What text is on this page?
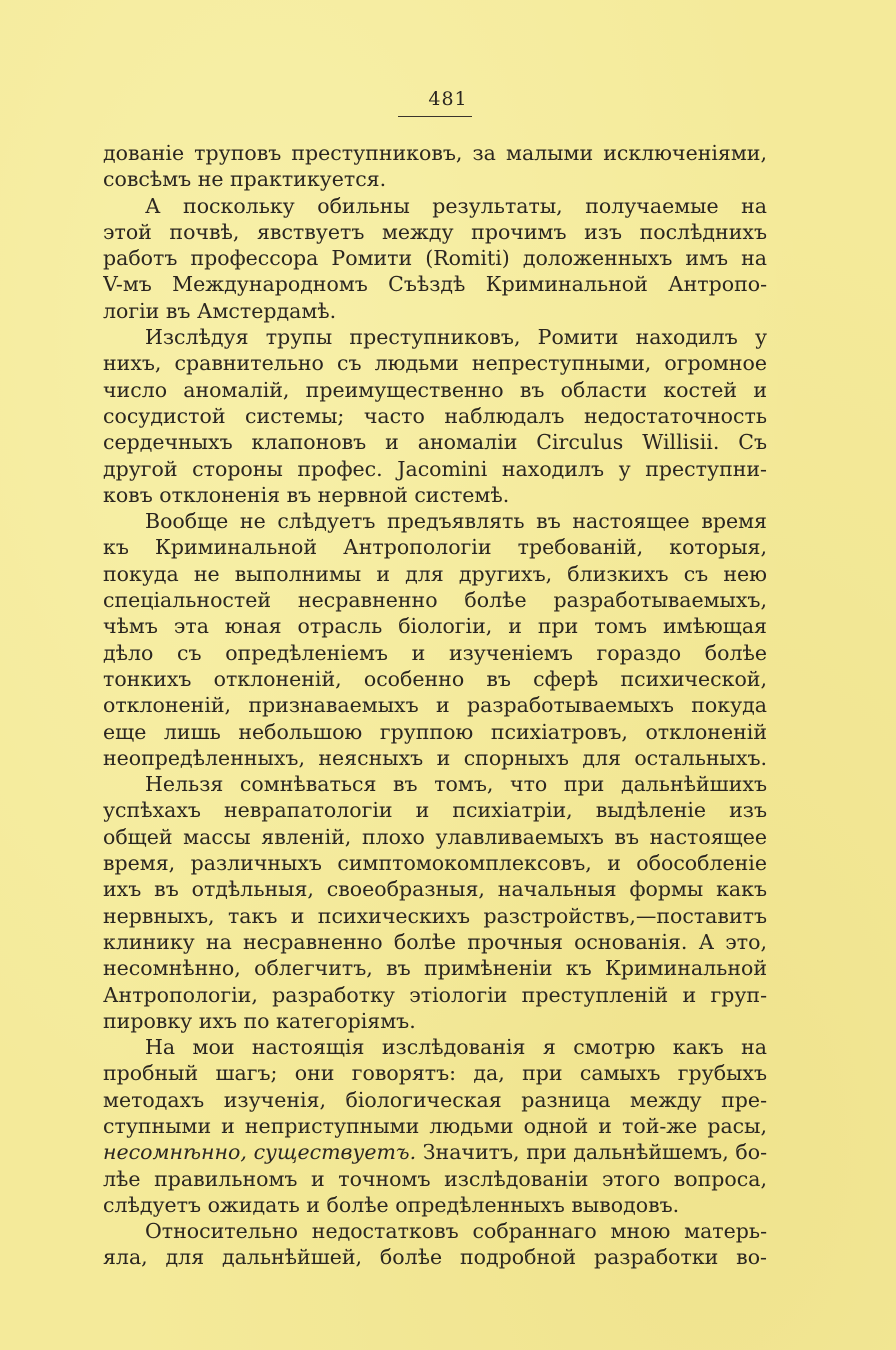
481
дованіе труповъ преступниковъ, за малыми исключеніями,
совсѣмъ не практикуется.
А поскольку обильны результаты, получаемые на
этой почвѣ, явствуетъ между прочимъ изъ послѣднихъ
работъ профессора Ромити (Romiti) доложенныхъ имъ на
V-мъ Международномъ Съѣздѣ Криминальной Антропо-
логіи въ Амстердамѣ.
Изслѣдуя трупы преступниковъ, Ромити находилъ у
нихъ, сравнительно съ людьми непреступными, огромное
число аномалій, преимущественно въ области костей и
сосудистой системы; часто наблюдалъ недостаточность
сердечныхъ клапоновъ и аномаліи Circulus Willisii. Съ
другой стороны профес. Jacomini находилъ у преступни-
ковъ отклоненія въ нервной системѣ.
Вообще не слѣдуетъ предъявлять въ настоящее время
къ Криминальной Антропологіи требованій, которыя,
покуда не выполнимы и для другихъ, близкихъ съ нею
спеціальностей несравненно болѣе разработываемыхъ,
чѣмъ эта юная отрасль біологіи, и при томъ имѣющая
дѣло съ опредѣленіемъ и изученіемъ гораздо болѣе
тонкихъ отклоненій, особенно въ сферѣ психической,
отклоненій, признаваемыхъ и разработываемыхъ покуда
еще лишь небольшою группою психіатровъ, отклоненій
неопредѣленныхъ, неясныхъ и спорныхъ для остальныхъ.
Нельзя сомнѣваться въ томъ, что при дальнѣйшихъ
успѣхахъ неврапатологіи и психіатріи, выдѣленіе изъ
общей массы явленій, плохо улавливаемыхъ въ настоящее
время, различныхъ симптомокомплексовъ, и обособленіе
ихъ въ отдѣльныя, своеобразныя, начальныя формы какъ
нервныхъ, такъ и психическихъ разстройствъ,—поставитъ
клинику на несравненно болѣе прочныя основанія. А это,
несомнѣнно, облегчитъ, въ примѣненіи къ Криминальной
Антропологіи, разработку этіологіи преступленій и груп-
пировку ихъ по категоріямъ.
На мои настоящія изслѣдованія я смотрю какъ на
пробный шагъ; они говорятъ: да, при самыхъ грубыхъ
методахъ изученія, біологическая разница между пре-
ступными и неприступными людьми одной и той-же расы,
несомнѣнно, существуетъ. Значитъ, при дальнѣйшемъ, бо-
лѣе правильномъ и точномъ изслѣдованіи этого вопроса,
слѣдуетъ ожидать и болѣе опредѣленныхъ выводовъ.
Относительно недостатковъ собраннаго мною матерь-
яла, для дальнѣйшей, болѣе подробной разработки во-
